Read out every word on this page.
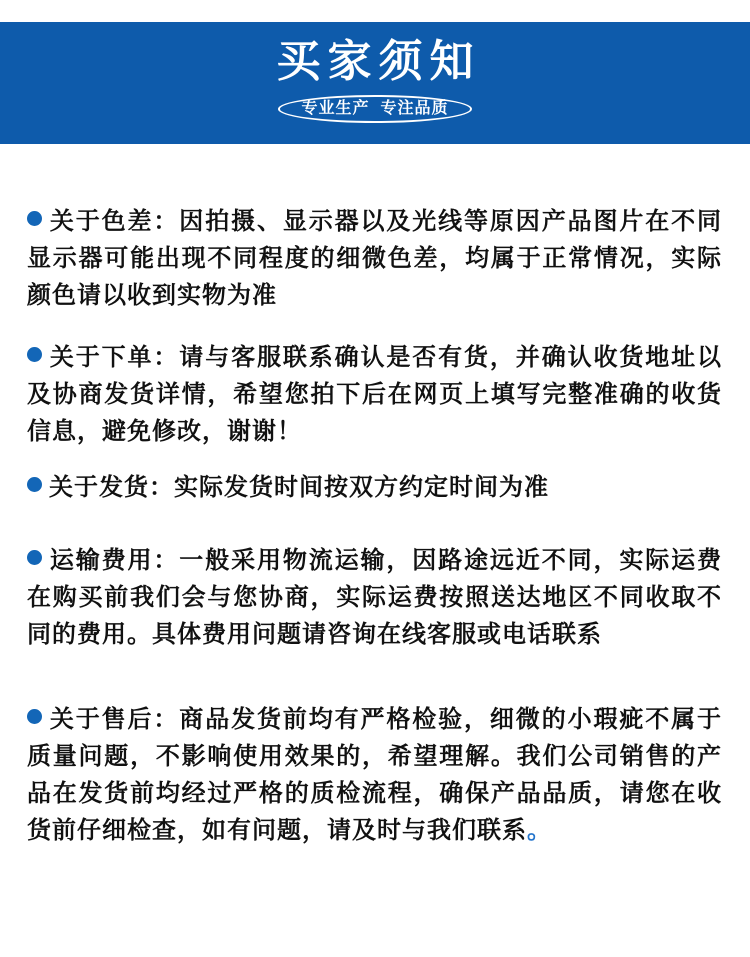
买家须知
专业生产  专注品质

关于色差：因拍摄、显示器以及光线等原因产品图片在不同显示器可能出现不同程度的细微色差，均属于正常情况，实际颜色请以收到实物为准

关于下单：请与客服联系确认是否有货，并确认收货地址以及协商发货详情，希望您拍下后在网页上填写完整准确的收货信息，避免修改，谢谢！

关于发货：实际发货时间按双方约定时间为准

运输费用：一般采用物流运输，因路途远近不同，实际运费在购买前我们会与您协商，实际运费按照送达地区不同收取不同的费用。具体费用问题请咨询在线客服或电话联系

关于售后：商品发货前均有严格检验，细微的小瑕疵不属于质量问题，不影响使用效果的，希望理解。我们公司销售的产品在发货前均经过严格的质检流程，确保产品品质，请您在收货前仔细检查，如有问题，请及时与我们联系。
